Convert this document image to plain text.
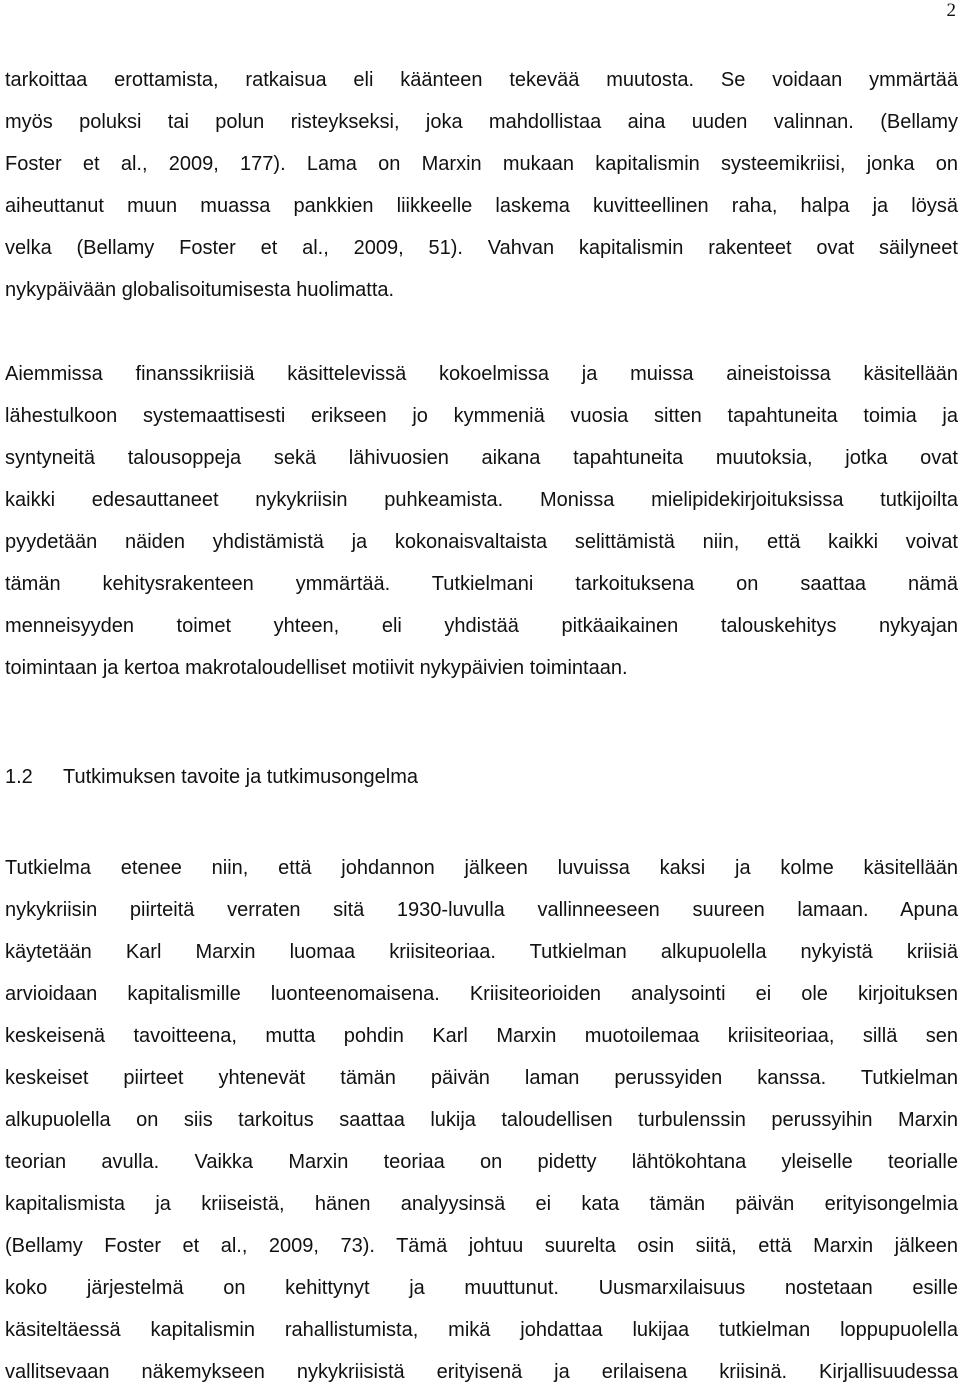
2
tarkoittaa erottamista, ratkaisua eli käänteen tekevää muutosta. Se voidaan ymmärtää
myös poluksi tai polun risteykseksi, joka mahdollistaa aina uuden valinnan. (Bellamy
Foster et al., 2009, 177). Lama on Marxin mukaan kapitalismin systeemikriisi, jonka on
aiheuttanut muun muassa pankkien liikkeelle laskema kuvitteellinen raha, halpa ja löysä
velka (Bellamy Foster et al., 2009, 51). Vahvan kapitalismin rakenteet ovat säilyneet
nykypäivään globalisoitumisesta huolimatta.
Aiemmissa finanssikriisiä käsittelevissä kokoelmissa ja muissa aineistoissa käsitellään
lähestulkoon systemaattisesti erikseen jo kymmeniä vuosia sitten tapahtuneita toimia ja
syntyneitä talousoppeja sekä lähivuosien aikana tapahtuneita muutoksia, jotka ovat
kaikki edesauttaneet nykykriisin puhkeamista. Monissa mielipidekirjoituksissa tutkijoilta
pyydetään näiden yhdistämistä ja kokonaisvaltaista selittämistä niin, että kaikki voivat
tämän kehitysrakenteen ymmärtää. Tutkielmani tarkoituksena on saattaa nämä
menneisyyden toimet yhteen, eli yhdistää pitkäaikainen talouskehitys nykyajan
toimintaan ja kertoa makrotaloudelliset motiivit nykypäivien toimintaan.
1.2 Tutkimuksen tavoite ja tutkimusongelma
Tutkielma etenee niin, että johdannon jälkeen luvuissa kaksi ja kolme käsitellään
nykykriisin piirteitä verraten sitä 1930-luvulla vallinneeseen suureen lamaan. Apuna
käytetään Karl Marxin luomaa kriisiteoriaa. Tutkielman alkupuolella nykyistä kriisiä
arvioidaan kapitalismille luonteenomaisena. Kriisiteorioiden analysointi ei ole kirjoituksen
keskeisenä tavoitteena, mutta pohdin Karl Marxin muotoilemaa kriisiteoriaa, sillä sen
keskeiset piirteet yhtenevät tämän päivän laman perussyiden kanssa. Tutkielman
alkupuolella on siis tarkoitus saattaa lukija taloudellisen turbulenssin perussyihin Marxin
teorian avulla. Vaikka Marxin teoriaa on pidetty lähtökohtana yleiselle teorialle
kapitalismista ja kriiseistä, hänen analyysinsä ei kata tämän päivän erityisongelmia
(Bellamy Foster et al., 2009, 73). Tämä johtuu suurelta osin siitä, että Marxin jälkeen
koko järjestelmä on kehittynyt ja muuttunut. Uusmarxilaisuus nostetaan esille
käsiteltäessä kapitalismin rahallistumista, mikä johdattaa lukijaa tutkielman loppupuolella
vallitsevaan näkemykseen nykykriisistä erityisenä ja erilaisena kriisinä. Kirjallisuudessa
